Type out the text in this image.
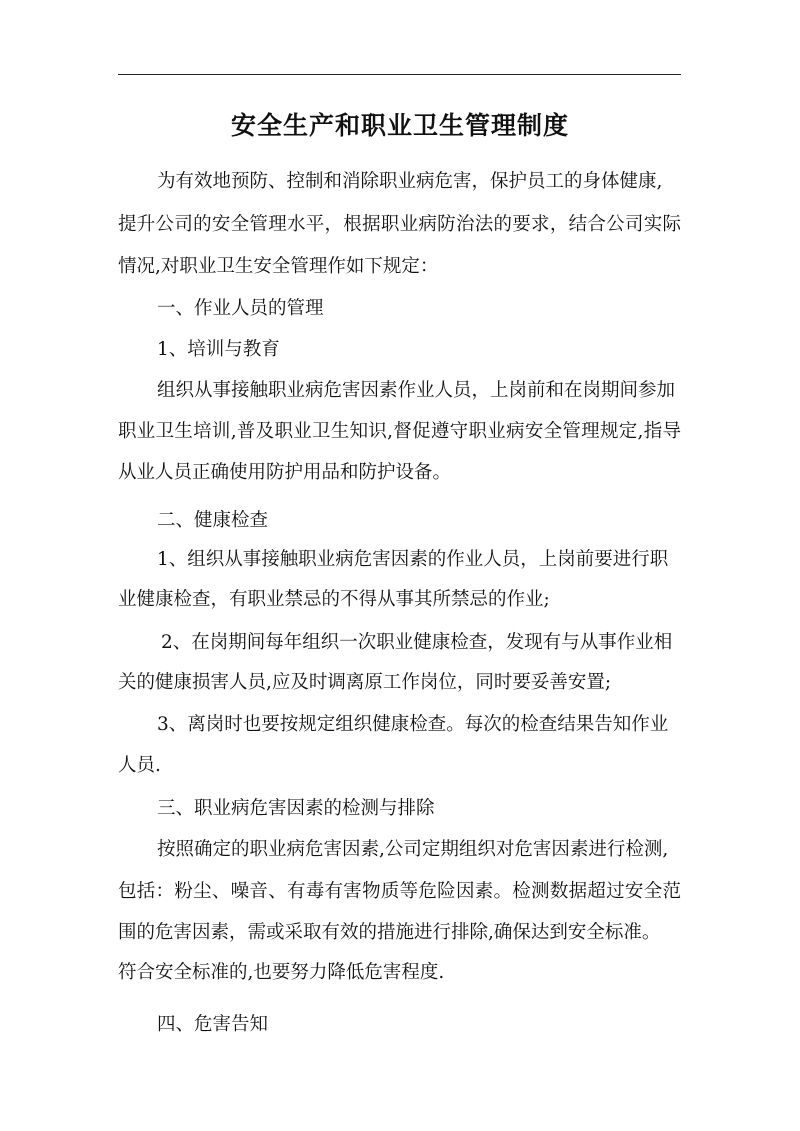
安全生产和职业卫生管理制度
为有效地预防、控制和消除职业病危害，保护员工的身体健康,
提升公司的安全管理水平，根据职业病防治法的要求，结合公司实际
情况,对职业卫生安全管理作如下规定：
一、作业人员的管理
1、培训与教育
组织从事接触职业病危害因素作业人员，上岗前和在岗期间参加
职业卫生培训,普及职业卫生知识,督促遵守职业病安全管理规定,指导
从业人员正确使用防护用品和防护设备。
二、健康检查
1、组织从事接触职业病危害因素的作业人员，上岗前要进行职
业健康检查，有职业禁忌的不得从事其所禁忌的作业;
2、在岗期间每年组织一次职业健康检查，发现有与从事作业相
关的健康损害人员,应及时调离原工作岗位，同时要妥善安置;
3、离岗时也要按规定组织健康检查。每次的检查结果告知作业
人员.
三、职业病危害因素的检测与排除
按照确定的职业病危害因素,公司定期组织对危害因素进行检测,
包括：粉尘、噪音、有毒有害物质等危险因素。检测数据超过安全范
围的危害因素，需或采取有效的措施进行排除,确保达到安全标准。
符合安全标准的,也要努力降低危害程度.
四、危害告知
